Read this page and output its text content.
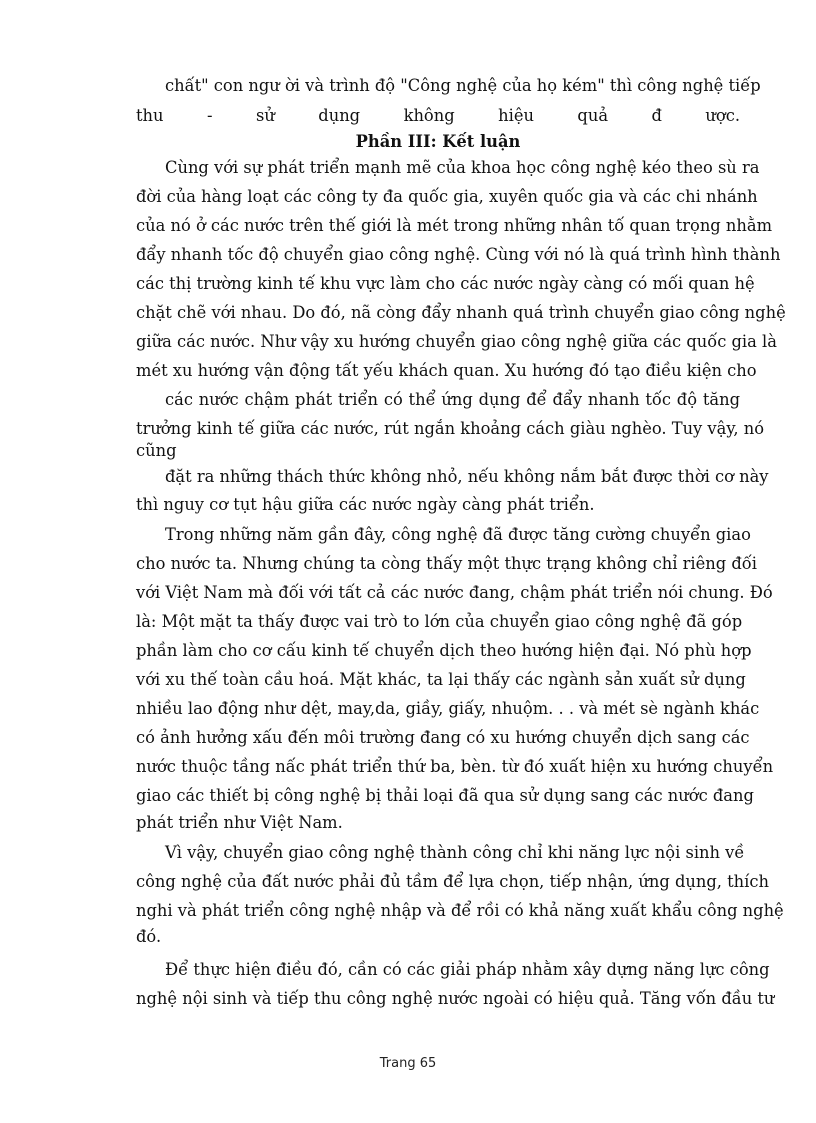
chất" con ngư ời và trình độ "Công nghệ của họ kém" thì công nghệ tiếp
thu - sử dụng không hiệu quả đ ược.
Phần III: Kết luận
Cùng với sự phát triển mạnh mẽ của khoa học công nghệ kéo theo sù ra
đời của hàng loạt các công ty đa quốc gia, xuyên quốc gia và các chi nhánh
của nó ở các nước trên thế giới là mét trong những nhân tố quan trọng nhằm
đẩy nhanh tốc độ chuyển giao công nghệ. Cùng với nó là quá trình hình thành
các thị trường kinh tế khu vực làm cho các nước ngày càng có mối quan hệ
chặt chẽ với nhau. Do đó, nã còng đẩy nhanh quá trình chuyển giao công nghệ
giữa các nước. Như vậy xu hướng chuyển giao công nghệ giữa các quốc gia là
mét xu hướng vận động tất yếu khách quan. Xu hướng đó tạo điều kiện cho
các nước chậm phát triển có thể ứng dụng để đẩy nhanh tốc độ tăng
trưởng kinh tế giữa các nước, rút ngắn khoảng cách giàu nghèo. Tuy vậy, nó
cũng
đặt ra những thách thức không nhỏ, nếu không nắm bắt được thời cơ này
thì nguy cơ tụt hậu giữa các nước ngày càng phát triển.
Trong những năm gần đây, công nghệ đã được tăng cường chuyển giao
cho nước ta. Nhưng chúng ta còng thấy một thực trạng không chỉ riêng đối
với Việt Nam mà đối với tất cả các nước đang, chậm phát triển nói chung. Đó
là: Một mặt ta thấy được vai trò to lớn của chuyển giao công nghệ đã góp
phần làm cho cơ cấu kinh tế chuyển dịch theo hướng hiện đại. Nó phù hợp
với xu thế toàn cầu hoá. Mặt khác, ta lại thấy các ngành sản xuất sử dụng
nhiều lao động như dệt, may,da, giầy, giấy, nhuộm. . . và mét sè ngành khác
có ảnh hưởng xấu đến môi trường đang có xu hướng chuyển dịch sang các
nước thuộc tầng nấc phát triển thứ ba, bèn. từ đó xuất hiện xu hướng chuyển
giao các thiết bị công nghệ bị thải loại đã qua sử dụng sang các nước đang
phát triển như Việt Nam.
Vì vậy, chuyển giao công nghệ thành công chỉ khi năng lực nội sinh về
công nghệ của đất nước phải đủ tầm để lựa chọn, tiếp nhận, ứng dụng, thích
nghi và phát triển công nghệ nhập và để rồi có khả năng xuất khẩu công nghệ
đó.
Để thực hiện điều đó, cần có các giải pháp nhằm xây dựng năng lực công
nghệ nội sinh và tiếp thu công nghệ nước ngoài có hiệu quả. Tăng vốn đầu tư
Trang 65
